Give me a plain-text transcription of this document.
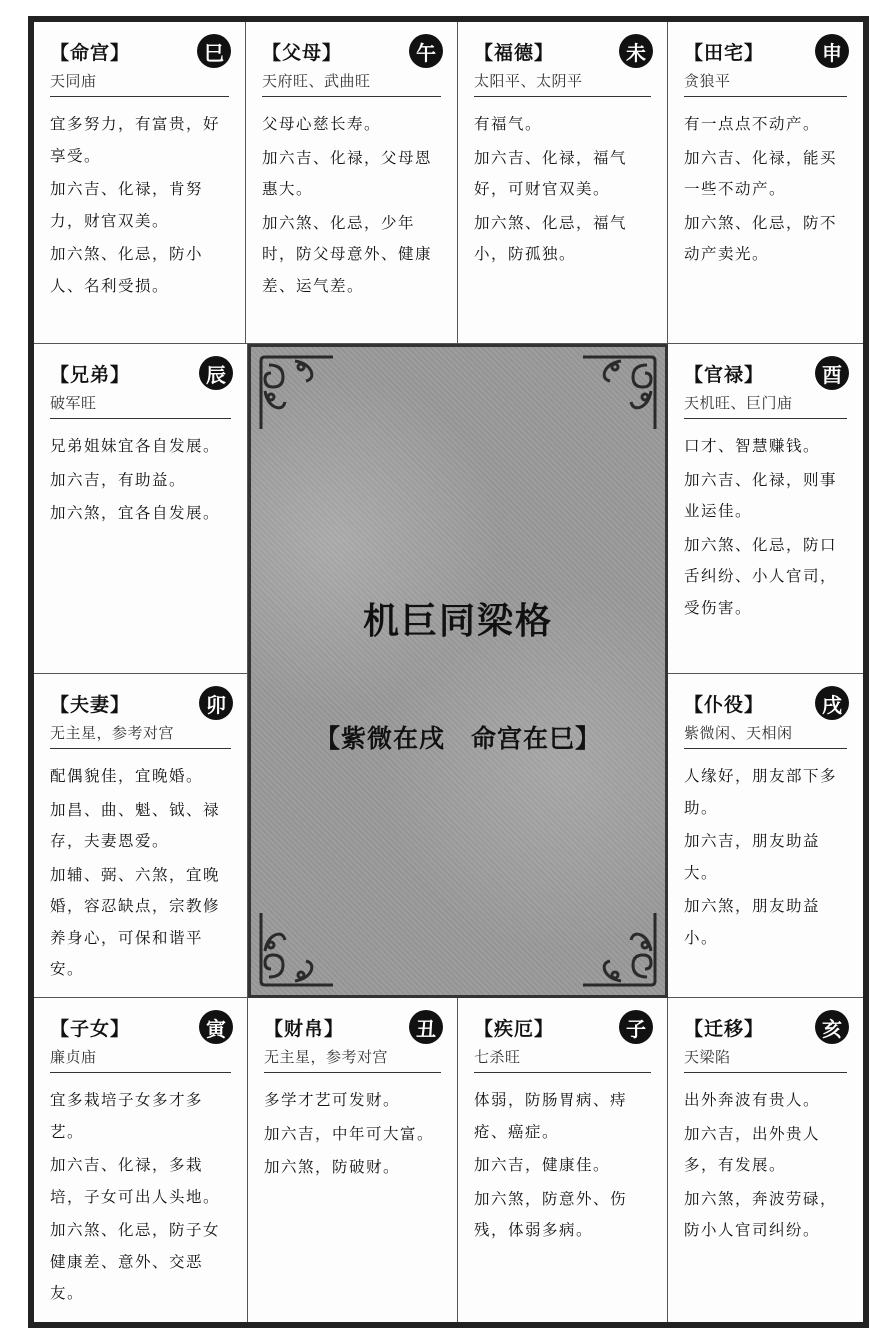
【命宫】	巳
天同庙

宜多努力，有富贵，好享受。

加六吉、化禄，肯努力，财官双美。

加六煞、化忌，防小人、名利受损。

【父母】	午
天府旺、武曲旺

父母心慈长寿。

加六吉、化禄，父母恩惠大。

加六煞、化忌，少年时，防父母意外、健康差、运气差。

【福德】	未
太阳平、太阴平

有福气。

加六吉、化禄，福气好，可财官双美。

加六煞、化忌，福气小，防孤独。

【田宅】	申
贪狼平

有一点点不动产。

加六吉、化禄，能买一些不动产。

加六煞、化忌，防不动产卖光。

【兄弟】	辰
破军旺

兄弟姐妹宜各自发展。

加六吉，有助益。

加六煞，宜各自发展。

【夫妻】	卯
无主星，参考对宫

配偶貌佳，宜晚婚。

加昌、曲、魁、钺、禄存，夫妻恩爱。

加辅、弼、六煞，宜晚婚，容忍缺点，宗教修养身心，可保和谐平安。

机巨同梁格
【紫微在戌　命宫在巳】
【官禄】	酉
天机旺、巨门庙

口才、智慧赚钱。

加六吉、化禄，则事业运佳。

加六煞、化忌，防口舌纠纷、小人官司，受伤害。

【仆役】	戌
紫微闲、天相闲

人缘好，朋友部下多助。

加六吉，朋友助益大。

加六煞，朋友助益小。

【子女】	寅
廉贞庙

宜多栽培子女多才多艺。

加六吉、化禄，多栽培，子女可出人头地。

加六煞、化忌，防子女健康差、意外、交恶友。

【财帛】	丑
无主星，参考对宫

多学才艺可发财。

加六吉，中年可大富。

加六煞，防破财。

【疾厄】	子
七杀旺

体弱，防肠胃病、痔疮、癌症。

加六吉，健康佳。

加六煞，防意外、伤残，体弱多病。

【迁移】	亥
天梁陷

出外奔波有贵人。

加六吉，出外贵人多，有发展。

加六煞，奔波劳碌，防小人官司纠纷。
